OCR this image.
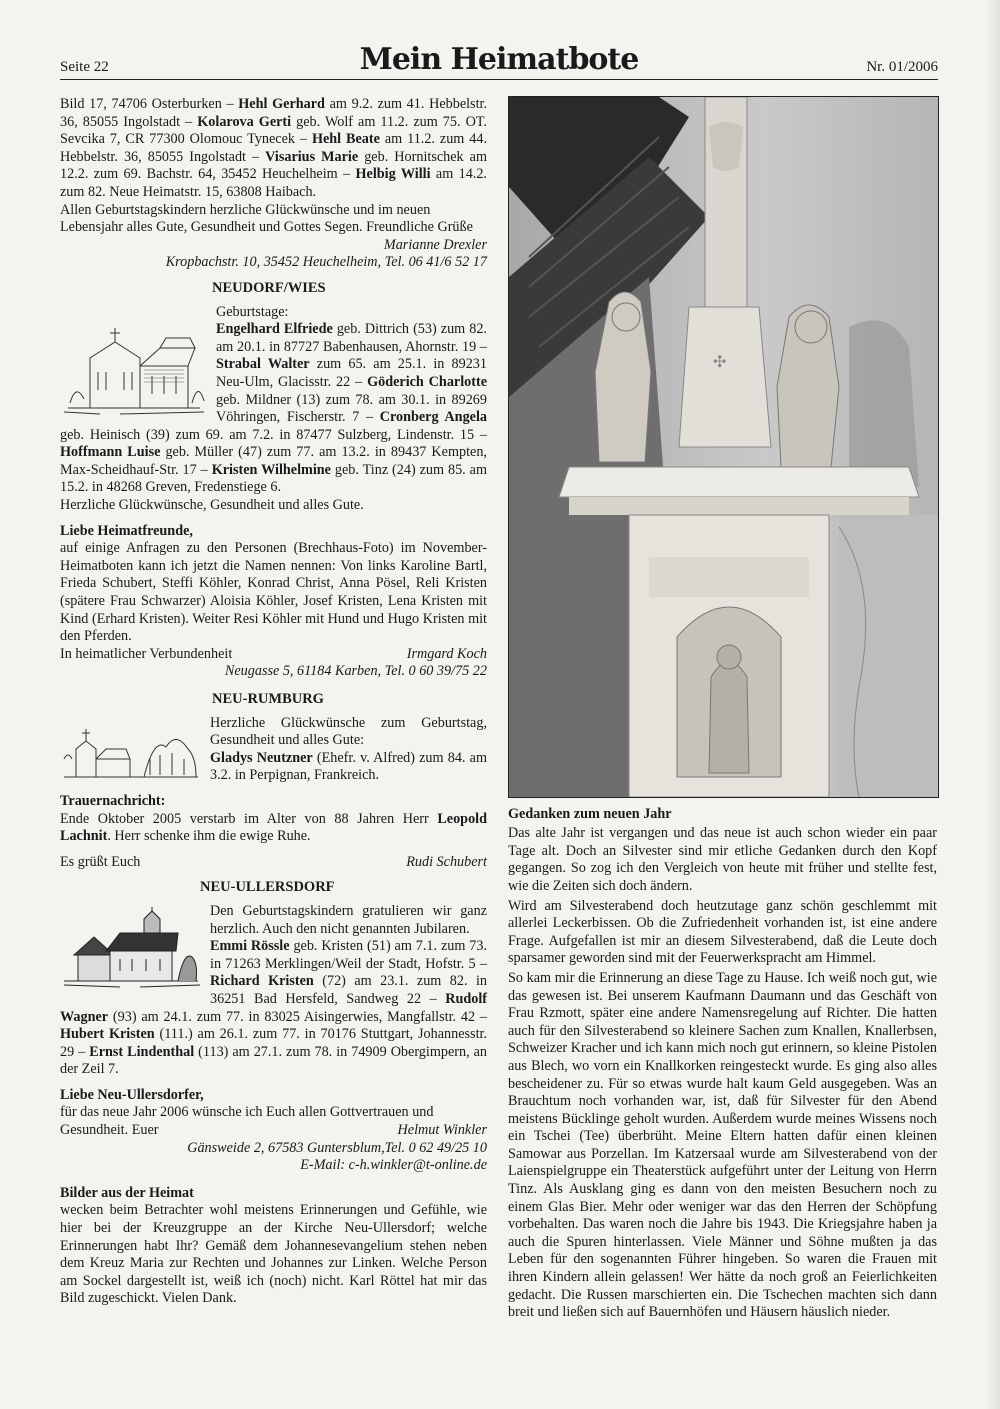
Seite 22	Mein Heimatbote	Nr. 01/2006

Bild 17, 74706 Osterburken – Hehl Gerhard am 9.2. zum 41. Hebbelstr. 36, 85055 Ingolstadt – Kolarova Gerti geb. Wolf am 11.2. zum 75. OT. Sevcika 7, CR 77300 Olomouc Tynecek – Hehl Beate am 11.2. zum 44. Hebbelstr. 36, 85055 Ingolstadt – Visarius Marie geb. Hornitschek am 12.2. zum 69. Bachstr. 64, 35452 Heuchelheim – Helbig Willi am 14.2. zum 82. Neue Heimatstr. 15, 63808 Haibach.

Allen Geburtstagskindern herzliche Glückwünsche und im neuen Lebensjahr alles Gute, Gesundheit und Gottes Segen. Freundliche Grüße
Marianne Drexler

Kropbachstr. 10, 35452 Heuchelheim, Tel. 06 41/6 52 17

NEUDORF/WIES

Geburtstage:

Engelhard Elfriede geb. Dittrich (53) zum 82. am 20.1. in 87727 Babenhausen, Ahornstr. 19 – Strabal Walter zum 65. am 25.1. in 89231 Neu-Ulm, Glacisstr. 22 – Göderich Charlotte geb. Mildner (13) zum 78. am 30.1. in 89269 Vöhringen, Fischerstr. 7 – Cronberg Angela geb. Heinisch (39) zum 69. am 7.2. in 87477 Sulzberg, Lindenstr. 15 – Hoffmann Luise geb. Müller (47) zum 77. am 13.2. in 89437 Kempten, Max-Scheidhauf-Str. 17 – Kristen Wilhelmine geb. Tinz (24) zum 85. am 15.2. in 48268 Greven, Fredenstiege 6.

Herzliche Glückwünsche, Gesundheit und alles Gute.

Liebe Heimatfreunde,

auf einige Anfragen zu den Personen (Brechhaus-Foto) im November-Heimatboten kann ich jetzt die Namen nennen: Von links Karoline Bartl, Frieda Schubert, Steffi Köhler, Konrad Christ, Anna Pösel, Reli Kristen (spätere Frau Schwarzer) Aloisia Köhler, Josef Kristen, Lena Kristen mit Kind (Erhard Kristen). Weiter Resi Köhler mit Hund und Hugo Kristen mit den Pferden.

In heimatlicher Verbundenheit	Irmgard Koch

Neugasse 5, 61184 Karben, Tel. 0 60 39/75 22

NEU-RUMBURG

Herzliche Glückwünsche zum Geburtstag, Gesundheit und alles Gute:

Gladys Neutzner (Ehefr. v. Alfred) zum 84. am 3.2. in Perpignan, Frankreich.

Trauernachricht:

Ende Oktober 2005 verstarb im Alter von 88 Jahren Herr Leopold Lachnit. Herr schenke ihm die ewige Ruhe.

Es grüßt Euch	Rudi Schubert

NEU-ULLERSDORF

Den Geburtstagskindern gratulieren wir ganz herzlich. Auch den nicht genannten Jubilaren.

Emmi Rössle geb. Kristen (51) am 7.1. zum 73. in 71263 Merklingen/Weil der Stadt, Hofstr. 5 – Richard Kristen (72) am 23.1. zum 82. in 36251 Bad Hersfeld, Sandweg 22 – Rudolf Wagner (93) am 24.1. zum 77. in 83025 Aisingerwies, Mangfallstr. 42 – Hubert Kristen (111.) am 26.1. zum 77. in 70176 Stuttgart, Johannesstr. 29 – Ernst Lindenthal (113) am 27.1. zum 78. in 74909 Obergimpern, an der Zeil 7.

Liebe Neu-Ullersdorfer,

für das neue Jahr 2006 wünsche ich Euch allen Gottvertrauen und Gesundheit. Euer	Helmut Winkler

Gänsweide 2, 67583 Guntersblum,Tel. 0 62 49/25 10

E-Mail: c-h.winkler@t-online.de

Bilder aus der Heimat

wecken beim Betrachter wohl meistens Erinnerungen und Gefühle, wie hier bei der Kreuzgruppe an der Kirche Neu-Ullersdorf; welche Erinnerungen habt Ihr? Gemäß dem Johannesevangelium stehen neben dem Kreuz Maria zur Rechten und Johannes zur Linken. Welche Person am Sockel dargestellt ist, weiß ich (noch) nicht. Karl Röttel hat mir das Bild zugeschickt. Vielen Dank.

✣
Gedanken zum neuen Jahr

Das alte Jahr ist vergangen und das neue ist auch schon wieder ein paar Tage alt. Doch an Silvester sind mir etliche Gedanken durch den Kopf gegangen. So zog ich den Vergleich von heute mit früher und stellte fest, wie die Zeiten sich doch ändern.

Wird am Silvesterabend doch heutzutage ganz schön geschlemmt mit allerlei Leckerbissen. Ob die Zufriedenheit vorhanden ist, ist eine andere Frage. Aufgefallen ist mir an diesem Silvesterabend, daß die Leute doch sparsamer geworden sind mit der Feuerwerkspracht am Himmel.

So kam mir die Erinnerung an diese Tage zu Hause. Ich weiß noch gut, wie das gewesen ist. Bei unserem Kaufmann Daumann und das Geschäft von Frau Rzmott, später eine andere Namensregelung auf Richter. Die hatten auch für den Silvesterabend so kleinere Sachen zum Knallen, Knallerbsen, Schweizer Kracher und ich kann mich noch gut erinnern, so kleine Pistolen aus Blech, wo vorn ein Knallkorken reingesteckt wurde. Es ging also alles bescheidener zu. Für so etwas wurde halt kaum Geld ausgegeben. Was an Brauchtum noch vorhanden war, ist, daß für Silvester für den Abend meistens Bücklinge geholt wurden. Außerdem wurde meines Wissens noch ein Tschei (Tee) überbrüht. Meine Eltern hatten dafür einen kleinen Samowar aus Porzellan. Im Katzersaal wurde am Silvesterabend von der Laienspielgruppe ein Theaterstück aufgeführt unter der Leitung von Herrn Tinz. Als Ausklang ging es dann von den meisten Besuchern noch zu einem Glas Bier. Mehr oder weniger war das den Herren der Schöpfung vorbehalten. Das waren noch die Jahre bis 1943. Die Kriegsjahre haben ja auch die Spuren hinterlassen. Viele Männer und Söhne mußten ja das Leben für den sogenannten Führer hingeben. So waren die Frauen mit ihren Kindern allein gelassen! Wer hätte da noch groß an Feierlichkeiten gedacht. Die Russen marschierten ein. Die Tschechen machten sich dann breit und ließen sich auf Bauernhöfen und Häusern häuslich nieder.
